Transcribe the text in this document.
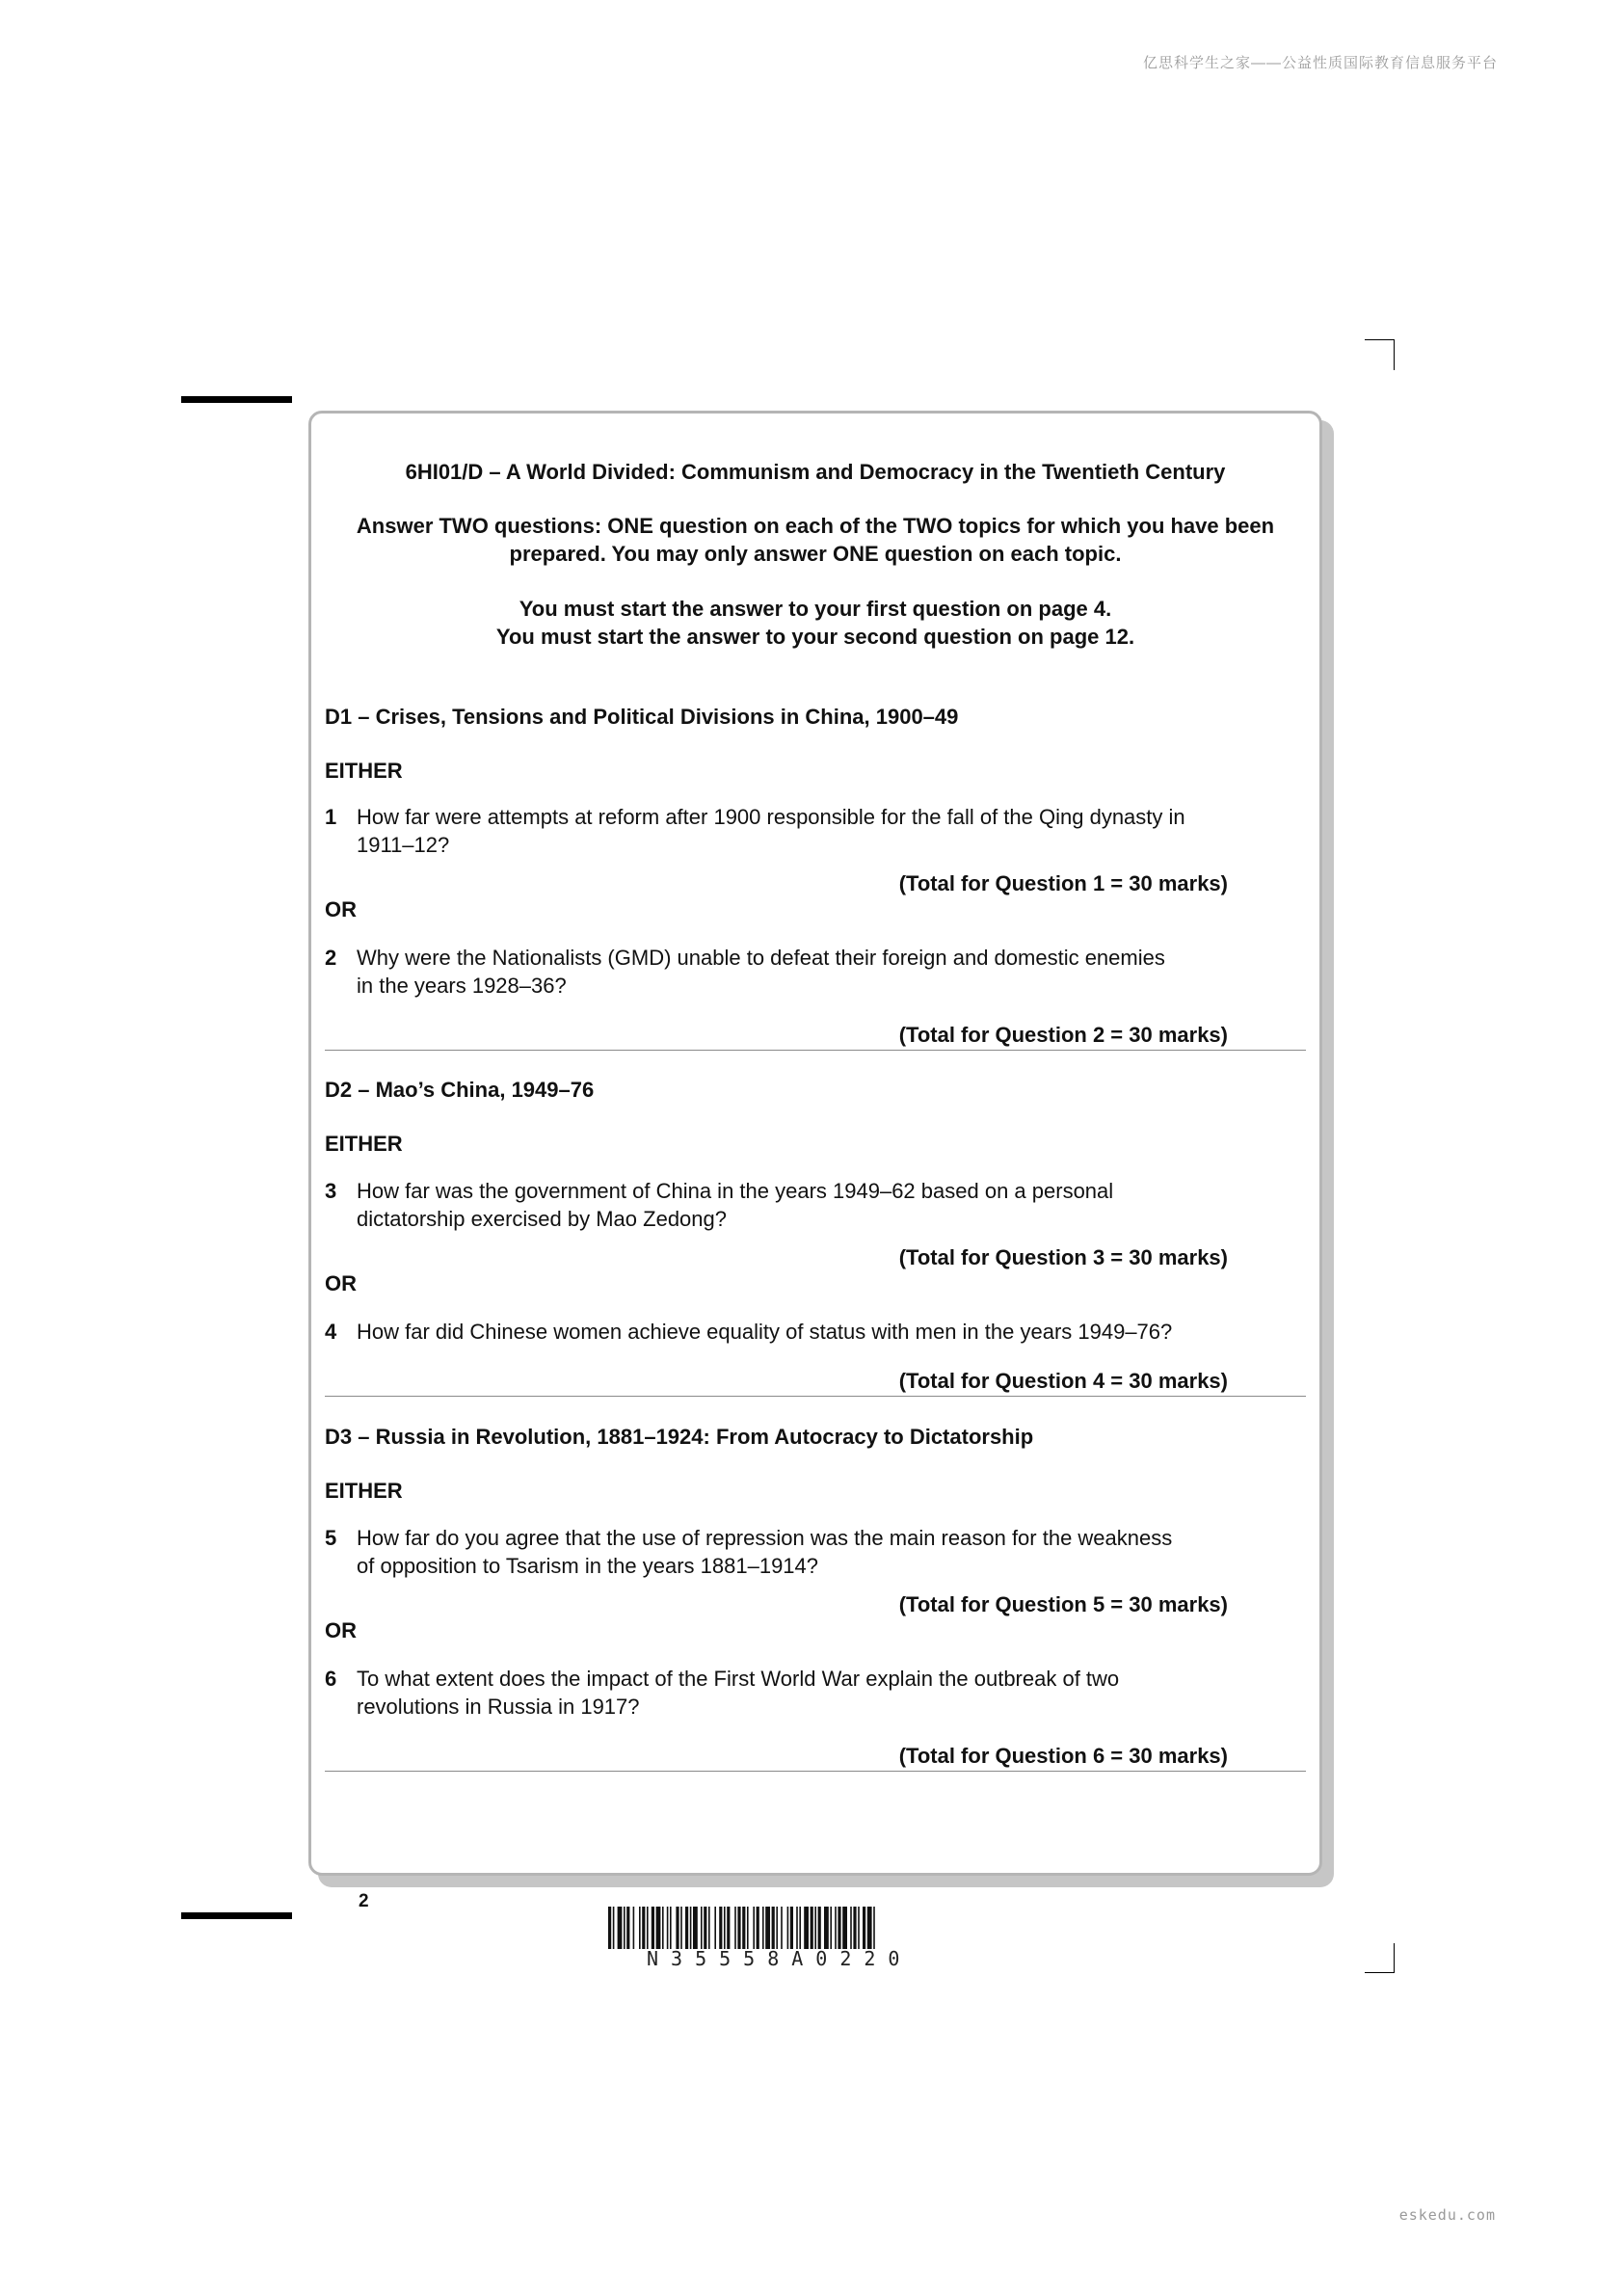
亿思科学生之家——公益性质国际教育信息服务平台
6HI01/D – A World Divided: Communism and Democracy in the Twentieth Century
Answer TWO questions: ONE question on each of the TWO topics for which you have been
prepared. You may only answer ONE question on each topic.
You must start the answer to your first question on page 4.
You must start the answer to your second question on page 12.
D1 – Crises, Tensions and Political Divisions in China, 1900–49
EITHER
1 How far were attempts at reform after 1900 responsible for the fall of the Qing dynasty in 1911–12?
(Total for Question 1 = 30 marks)
OR
2 Why were the Nationalists (GMD) unable to defeat their foreign and domestic enemies in the years 1928–36?
(Total for Question 2 = 30 marks)
D2 – Mao’s China, 1949–76
EITHER
3 How far was the government of China in the years 1949–62 based on a personal dictatorship exercised by Mao Zedong?
(Total for Question 3 = 30 marks)
OR
4 How far did Chinese women achieve equality of status with men in the years 1949–76?
(Total for Question 4 = 30 marks)
D3 – Russia in Revolution, 1881–1924: From Autocracy to Dictatorship
EITHER
5 How far do you agree that the use of repression was the main reason for the weakness of opposition to Tsarism in the years 1881–1914?
(Total for Question 5 = 30 marks)
OR
6 To what extent does the impact of the First World War explain the outbreak of two revolutions in Russia in 1917?
(Total for Question 6 = 30 marks)
2
N35558A0220
eskedu.com
